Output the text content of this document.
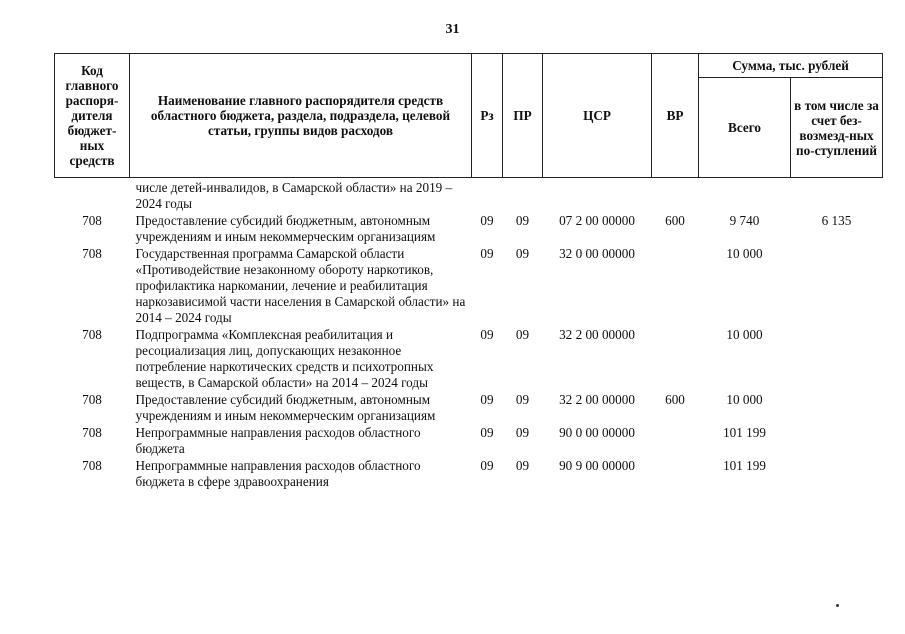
31
Код главного распоря-дителя бюджет-ных средств	Наименование главного распорядителя средств областного бюджета, раздела, подраздела, целевой статьи, группы видов расходов	Рз	ПР	ЦСР	ВР	Сумма, тыс. рублей	
						Всего	в том числе за счет без-возмезд-ных по-ступлений
	числе детей-инвалидов, в Самарской области» на 2019 – 2024 годы						
708	Предоставление субсидий бюджетным, автономным учреждениям и иным некоммерческим организациям	09	09	07 2 00 00000	600	9 740	6 135
708	Государственная программа Самарской области «Противодействие незаконному обороту наркотиков, профилактика наркомании, лечение и реабилитация наркозависимой части населения в Самарской области» на 2014 – 2024 годы	09	09	32 0 00 00000		10 000	
708	Подпрограмма «Комплексная реабилитация и ресоциализация лиц, допускающих незаконное потребление наркотических средств и психотропных веществ, в Самарской области» на 2014 – 2024 годы	09	09	32 2 00 00000		10 000	
708	Предоставление субсидий бюджетным, автономным учреждениям и иным некоммерческим организациям	09	09	32 2 00 00000	600	10 000	
708	Непрограммные направления расходов областного бюджета	09	09	90 0 00 00000		101 199	
708	Непрограммные направления расходов областного бюджета в сфере здравоохранения	09	09	90 9 00 00000		101 199	
